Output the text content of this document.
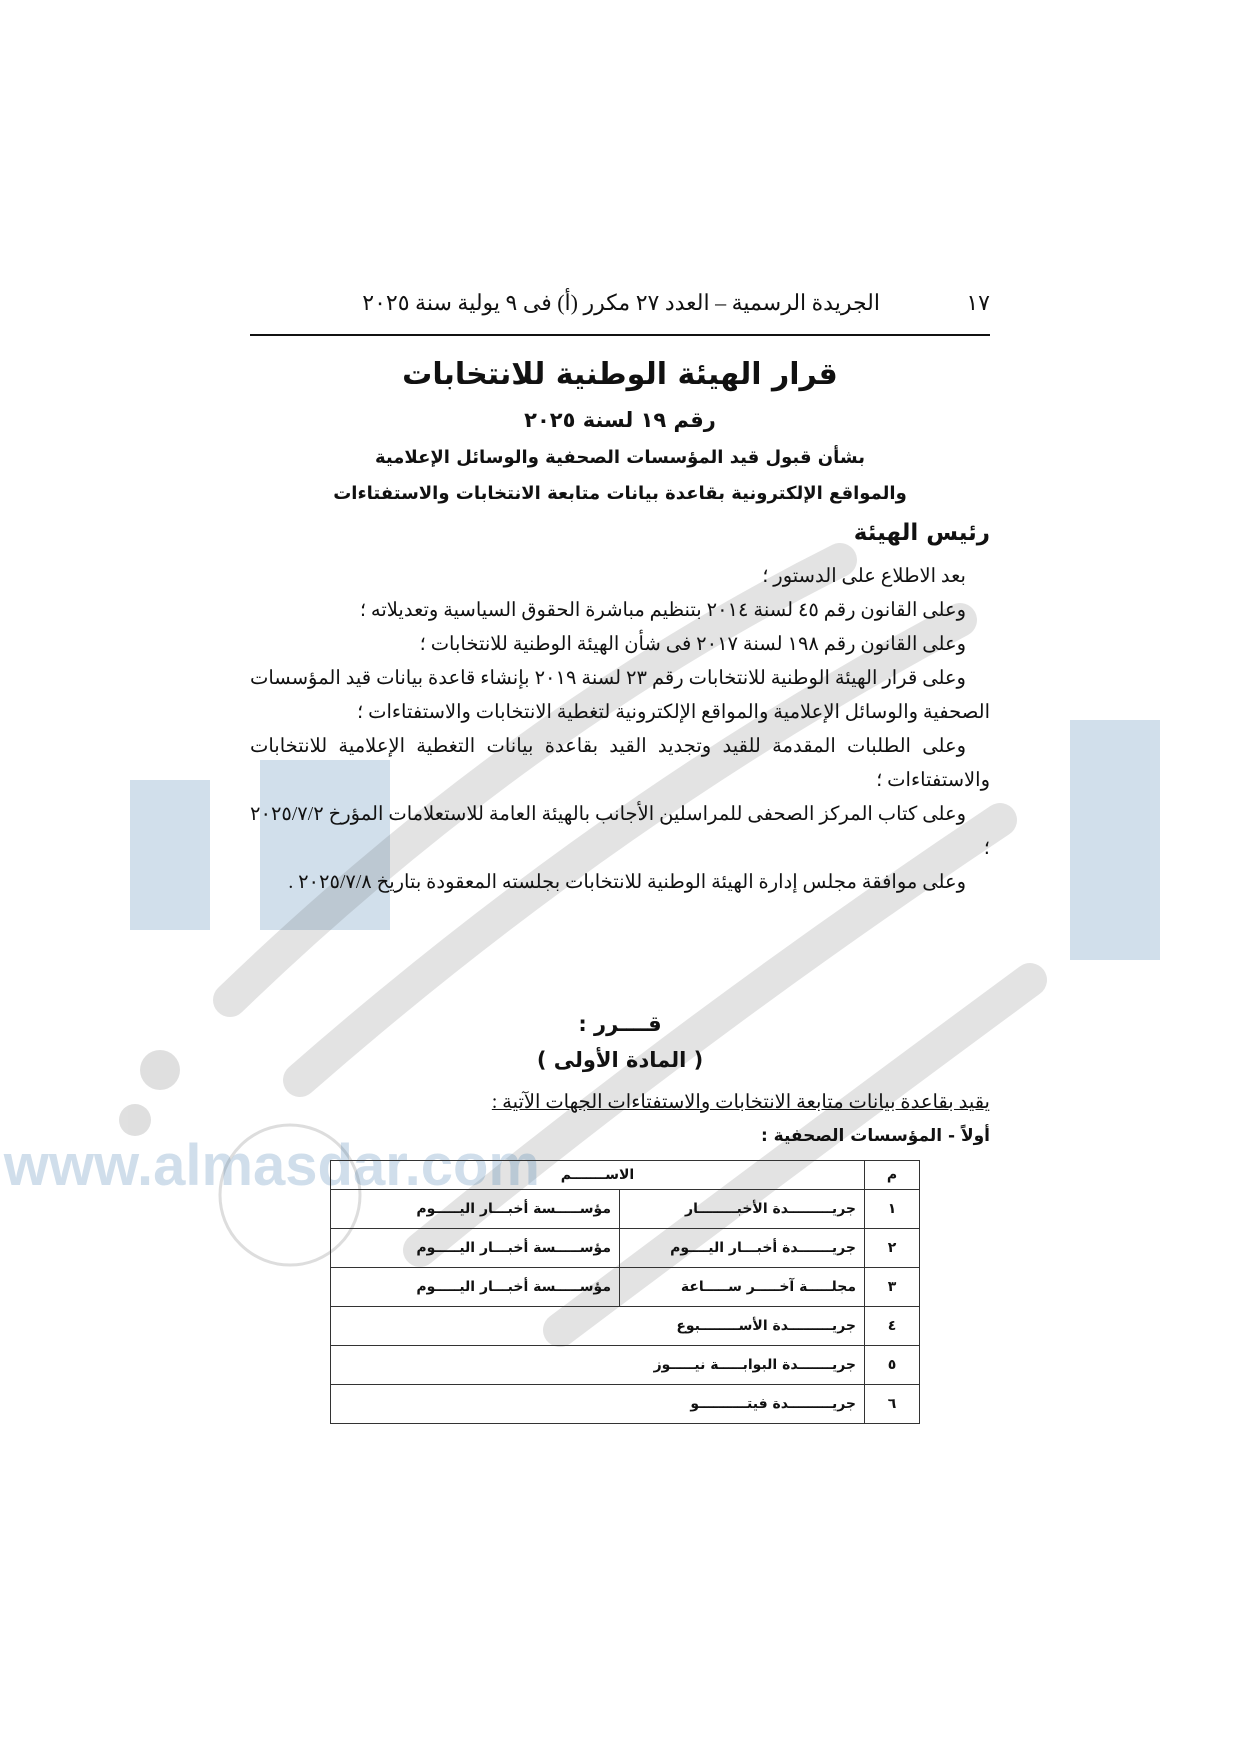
www.almasdar.com
١٧
الجريدة الرسمية – العدد ٢٧ مكرر (أ) فى ٩ يولية سنة ٢٠٢٥
قرار الهيئة الوطنية للانتخابات
رقم ١٩ لسنة ٢٠٢٥
بشأن قبول قيد المؤسسات الصحفية والوسائل الإعلامية
والمواقع الإلكترونية بقاعدة بيانات متابعة الانتخابات والاستفتاءات
رئيس الهيئة

بعد الاطلاع على الدستور ؛

وعلى القانون رقم ٤٥ لسنة ٢٠١٤ بتنظيم مباشرة الحقوق السياسية وتعديلاته ؛

وعلى القانون رقم ١٩٨ لسنة ٢٠١٧ فى شأن الهيئة الوطنية للانتخابات ؛

وعلى قرار الهيئة الوطنية للانتخابات رقم ٢٣ لسنة ٢٠١٩ بإنشاء قاعدة بيانات قيد المؤسسات الصحفية والوسائل الإعلامية والمواقع الإلكترونية لتغطية الانتخابات والاستفتاءات ؛

وعلى الطلبات المقدمة للقيد وتجديد القيد بقاعدة بيانات التغطية الإعلامية للانتخابات والاستفتاءات ؛

وعلى كتاب المركز الصحفى للمراسلين الأجانب بالهيئة العامة للاستعلامات المؤرخ ٢٠٢٥/٧/٢ ؛

وعلى موافقة مجلس إدارة الهيئة الوطنية للانتخابات بجلسته المعقودة بتاريخ ٢٠٢٥/٧/٨ .

قــــرر :
( المادة الأولى )
يقيد بقاعدة بيانات متابعة الانتخابات والاستفتاءات الجهات الآتية :
أولاً - المؤسسات الصحفية :
م	الاســـــــم	
١	جريـــــــــدة الأخبــــــــار	مؤســـــسة أخبـــار اليـــــوم
٢	جريـــــــدة أخبـــار اليــــوم	مؤســـــسة أخبـــار اليـــــوم
٣	مجلـــــة آخـــــر ســـــاعة	مؤســـــسة أخبـــار اليـــــوم
٤	جريـــــــــدة الأســــــــبوع	
٥	جريـــــــدة البوابـــــة نيـــــوز	
٦	جريـــــــــدة فيتــــــــــو	
